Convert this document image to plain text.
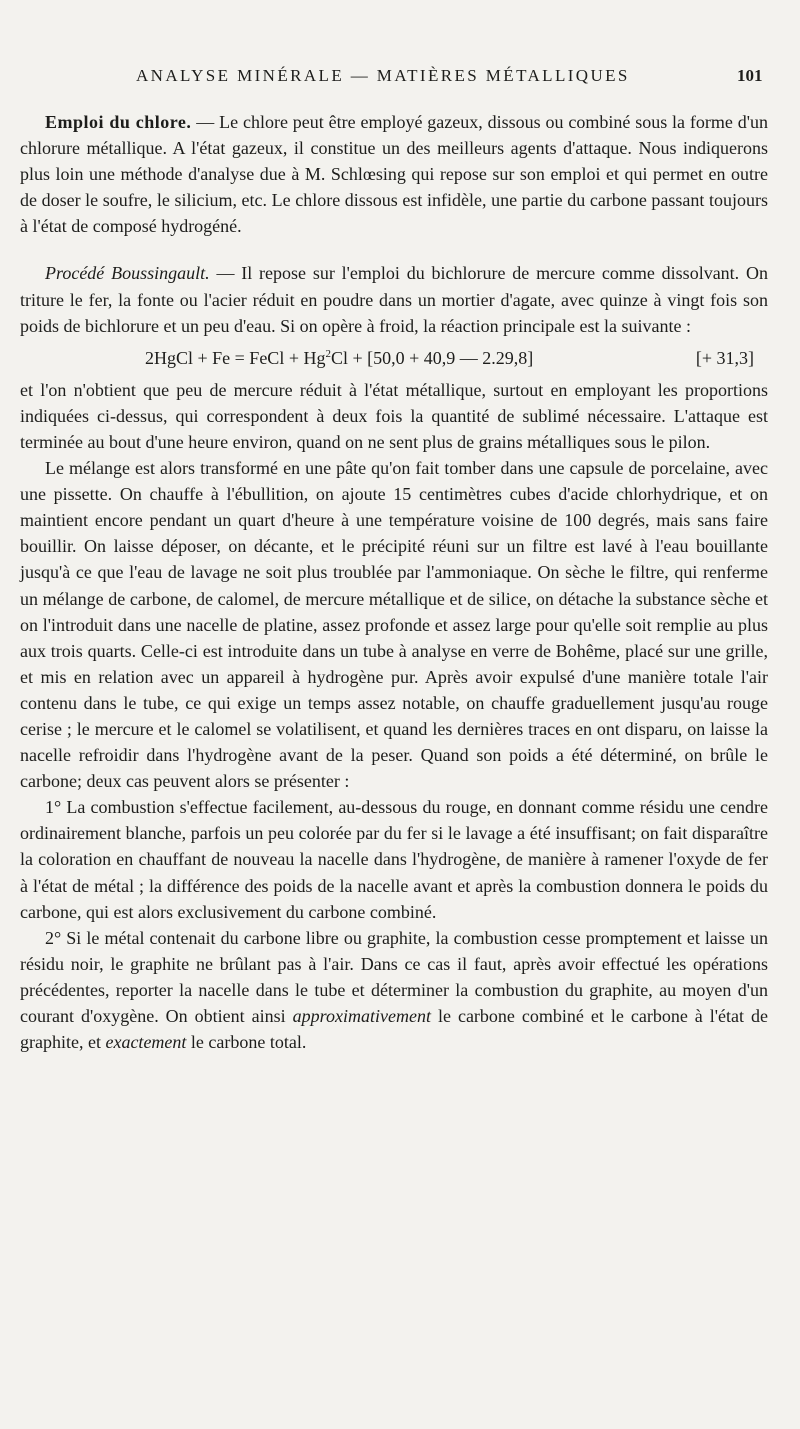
ANALYSE MINÉRALE — MATIÈRES MÉTALLIQUES	101

Emploi du chlore. — Le chlore peut être employé gazeux, dissous ou combiné sous la forme d'un chlorure métallique. A l'état gazeux, il constitue un des meilleurs agents d'attaque. Nous indiquerons plus loin une méthode d'analyse due à M. Schlœsing qui repose sur son emploi et qui permet en outre de doser le soufre, le silicium, etc. Le chlore dissous est infidèle, une partie du carbone passant toujours à l'état de composé hydrogéné.

Procédé Boussingault. — Il repose sur l'emploi du bichlorure de mercure comme dissolvant. On triture le fer, la fonte ou l'acier réduit en poudre dans un mortier d'agate, avec quinze à vingt fois son poids de bichlorure et un peu d'eau. Si on opère à froid, la réaction principale est la suivante :

2HgCl + Fe = FeCl + $Hg^2Cl + [50,0 + 40,9$ — 2.29,8]	[+ 31,3]

et l'on n'obtient que peu de mercure réduit à l'état métallique, surtout en employant les proportions indiquées ci-dessus, qui correspondent à deux fois la quantité de sublimé nécessaire. L'attaque est terminée au bout d'une heure environ, quand on ne sent plus de grains métalliques sous le pilon.

Le mélange est alors transformé en une pâte qu'on fait tomber dans une capsule de porcelaine, avec une pissette. On chauffe à l'ébullition, on ajoute 15 centimètres cubes d'acide chlorhydrique, et on maintient encore pendant un quart d'heure à une température voisine de 100 degrés, mais sans faire bouillir. On laisse déposer, on décante, et le précipité réuni sur un filtre est lavé à l'eau bouillante jusqu'à ce que l'eau de lavage ne soit plus troublée par l'ammoniaque. On sèche le filtre, qui renferme un mélange de carbone, de calomel, de mercure métallique et de silice, on détache la substance sèche et on l'introduit dans une nacelle de platine, assez profonde et assez large pour qu'elle soit remplie au plus aux trois quarts. Celle-ci est introduite dans un tube à analyse en verre de Bohême, placé sur une grille, et mis en relation avec un appareil à hydrogène pur. Après avoir expulsé d'une manière totale l'air contenu dans le tube, ce qui exige un temps assez notable, on chauffe graduellement jusqu'au rouge cerise ; le mercure et le calomel se volatilisent, et quand les dernières traces en ont disparu, on laisse la nacelle refroidir dans l'hydrogène avant de la peser. Quand son poids a été déterminé, on brûle le carbone; deux cas peuvent alors se présenter :

1° La combustion s'effectue facilement, au-dessous du rouge, en donnant comme résidu une cendre ordinairement blanche, parfois un peu colorée par du fer si le lavage a été insuffisant; on fait disparaître la coloration en chauffant de nouveau la nacelle dans l'hydrogène, de manière à ramener l'oxyde de fer à l'état de métal ; la différence des poids de la nacelle avant et après la combustion donnera le poids du carbone, qui est alors exclusivement du carbone combiné.

2° Si le métal contenait du carbone libre ou graphite, la combustion cesse promptement et laisse un résidu noir, le graphite ne brûlant pas à l'air. Dans ce cas il faut, après avoir effectué les opérations précédentes, reporter la nacelle dans le tube et déterminer la combustion du graphite, au moyen d'un courant d'oxygène. On obtient ainsi approximativement le carbone combiné et le carbone à l'état de graphite, et exactement le carbone total.
